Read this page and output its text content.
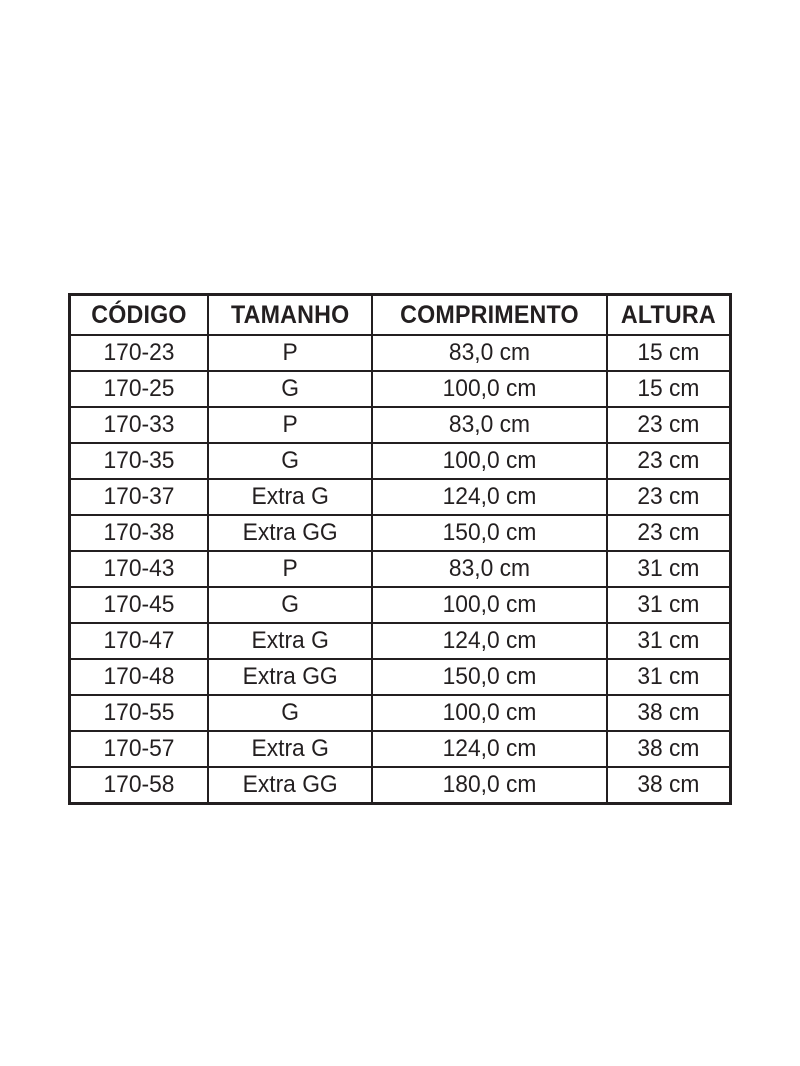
CÓDIGO	TAMANHO	COMPRIMENTO	ALTURA
170-23	P	83,0 cm	15 cm
170-25	G	100,0 cm	15 cm
170-33	P	83,0 cm	23 cm
170-35	G	100,0 cm	23 cm
170-37	Extra G	124,0 cm	23 cm
170-38	Extra GG	150,0 cm	23 cm
170-43	P	83,0 cm	31 cm
170-45	G	100,0 cm	31 cm
170-47	Extra G	124,0 cm	31 cm
170-48	Extra GG	150,0 cm	31 cm
170-55	G	100,0 cm	38 cm
170-57	Extra G	124,0 cm	38 cm
170-58	Extra GG	180,0 cm	38 cm
